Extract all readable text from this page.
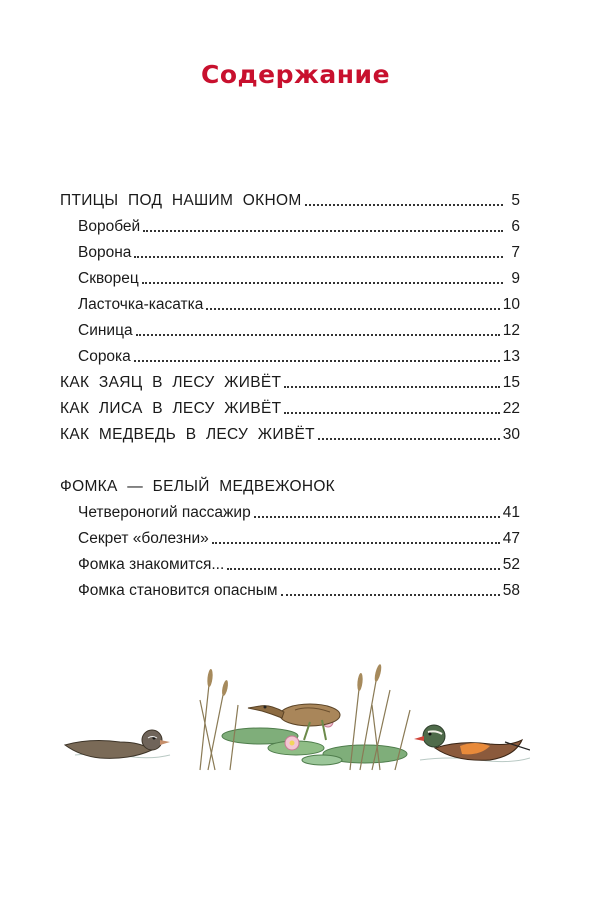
Содержание
ПТИЦЫ ПОД НАШИМ ОКНОМ	5
Воробей	6
Ворона	7
Скворец	9
Ласточка-касатка	10
Синица	12
Сорока	13
КАК ЗАЯЦ В ЛЕСУ ЖИВЁТ	15
КАК ЛИСА В ЛЕСУ ЖИВЁТ	22
КАК МЕДВЕДЬ В ЛЕСУ ЖИВЁТ	30
ФОМКА — БЕЛЫЙ МЕДВЕЖОНОК
Четвероногий пассажир	41
Секрет «болезни»	47
Фомка знакомится...	52
Фомка становится опасным	58
